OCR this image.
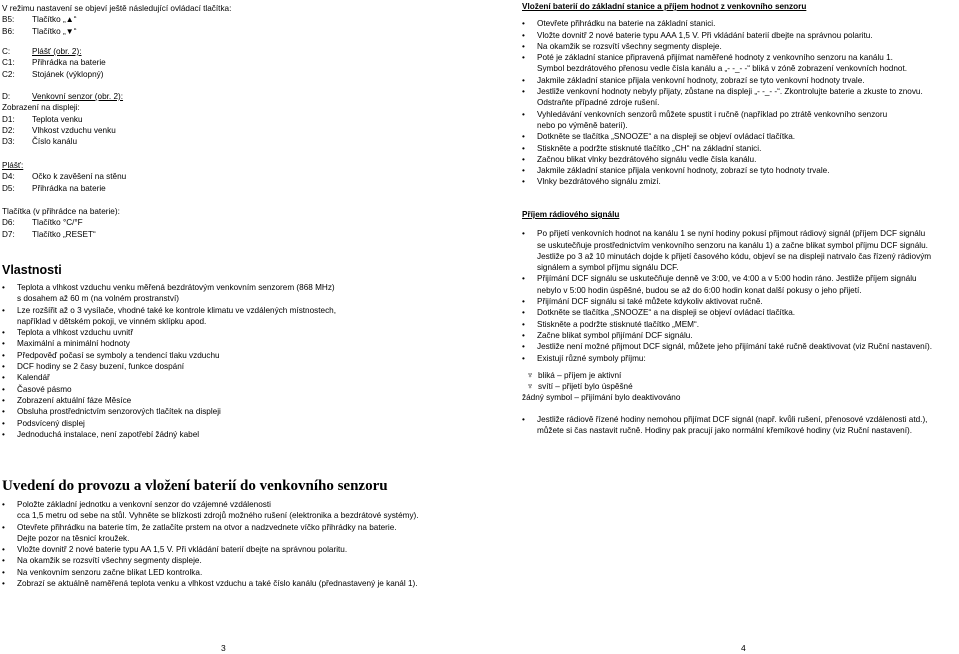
V režimu nastavení se objeví ještě následující ovládací tlačítka:
B5: Tlačítko „▲“
B6: Tlačítko „▼“
C:	Plášť (obr. 2):
C1: Přihrádka na baterie
C2: Stojánek (výklopný)
D:	Venkovní senzor (obr. 2):
Zobrazení na displeji:
D1: Teplota venku
D2: Vlhkost vzduchu venku
D3: Číslo kanálu
Plášť:
D4: Očko k zavěšení na stěnu
D5: Přihrádka na baterie
Tlačítka (v přihrádce na baterie):
D6: Tlačítko °C/°F
D7: Tlačítko „RESET“
Vlastnosti
• Teplota a vlhkost vzduchu venku měřená bezdrátovým venkovním senzorem (868 MHz)
s dosahem až 60 m (na volném prostranství)
• Lze rozšířit až o 3 vysílače, vhodné také ke kontrole klimatu ve vzdálených místnostech,
například v dětském pokoji, ve vinném sklípku apod.
• Teplota a vlhkost vzduchu uvnitř
• Maximální a minimální hodnoty
• Předpověď počasí se symboly a tendencí tlaku vzduchu
• DCF hodiny se 2 časy buzení, funkce dospání
• Kalendář
• Časové pásmo
• Zobrazení aktuální fáze Měsíce
• Obsluha prostřednictvím senzorových tlačítek na displeji
• Podsvícený displej
• Jednoduchá instalace, není zapotřebí žádný kabel
Uvedení do provozu a vložení baterií do venkovního senzoru
• Položte základní jednotku a venkovní senzor do vzájemné vzdálenosti
cca 1,5 metru od sebe na stůl. Vyhněte se blízkosti zdrojů možného rušení (elektronika a bezdrátové systémy).
• Otevřete přihrádku na baterie tím, že zatlačíte prstem na otvor a nadzvednete víčko přihrádky na baterie.
Dejte pozor na těsnicí kroužek.
• Vložte dovnitř 2 nové baterie typu AA 1,5 V. Při vkládání baterií dbejte na správnou polaritu.
• Na okamžik se rozsvítí všechny segmenty displeje.
• Na venkovním senzoru začne blikat LED kontrolka.
• Zobrazí se aktuálně naměřená teplota venku a vlhkost vzduchu a také číslo kanálu (přednastavený je kanál 1).
Vložení baterií do základní stanice a příjem hodnot z venkovního senzoru
• Otevřete přihrádku na baterie na základní stanici.
• Vložte dovnitř 2 nové baterie typu AAA 1,5 V. Při vkládání baterií dbejte na správnou polaritu.
• Na okamžik se rozsvítí všechny segmenty displeje.
• Poté je základní stanice připravená přijímat naměřené hodnoty z venkovního senzoru na kanálu 1.
Symbol bezdrátového přenosu vedle čísla kanálu a „- -_- -“ bliká v zóně zobrazení venkovních hodnot.
• Jakmile základní stanice přijala venkovní hodnoty, zobrazí se tyto venkovní hodnoty trvale.
• Jestliže venkovní hodnoty nebyly přijaty, zůstane na displeji „- -_- -“. Zkontrolujte baterie a zkuste to znovu.
Odstraňte případné zdroje rušení.
• Vyhledávání venkovních senzorů můžete spustit i ručně (například po ztrátě venkovního senzoru
nebo po výměně baterií).
• Dotkněte se tlačítka „SNOOZE“ a na displeji se objeví ovládací tlačítka.
• Stiskněte a podržte stisknuté tlačítko „CH“ na základní stanici.
• Začnou blikat vlnky bezdrátového signálu vedle čísla kanálu.
• Jakmile základní stanice přijala venkovní hodnoty, zobrazí se tyto hodnoty trvale.
• Vlnky bezdrátového signálu zmizí.
Příjem rádiového signálu
• Po přijetí venkovních hodnot na kanálu 1 se nyní hodiny pokusí přijmout rádiový signál (příjem DCF signálu
se uskutečňuje prostřednictvím venkovního senzoru na kanálu 1) a začne blikat symbol příjmu DCF signálu.
Jestliže po 3 až 10 minutách dojde k přijetí časového kódu, objeví se na displeji natrvalo čas řízený rádiovým
signálem a symbol příjmu signálu DCF.
• Přijímání DCF signálu se uskutečňuje denně ve 3:00, ve 4:00 a v 5:00 hodin ráno. Jestliže příjem signálu
nebylo v 5:00 hodin úspěšné, budou se až do 6:00 hodin konat další pokusy o jeho přijetí.
• Přijímání DCF signálu si také můžete kdykoliv aktivovat ručně.
• Dotkněte se tlačítka „SNOOZE“ a na displeji se objeví ovládací tlačítka.
• Stiskněte a podržte stisknuté tlačítko „MEM“.
• Začne blikat symbol přijímání DCF signálu.
• Jestliže není možné přijmout DCF signál, můžete jeho přijímání také ručně deaktivovat (viz Ruční nastavení).
• Existují různé symboly příjmu:
♆ bliká – příjem je aktivní
♆ svítí – přijetí bylo úspěšné
žádný symbol – přijímání bylo deaktivováno
• Jestliže rádiově řízené hodiny nemohou přijímat DCF signál (např. kvůli rušení, přenosové vzdálenosti atd.),
můžete si čas nastavit ručně. Hodiny pak pracují jako normální křemíkové hodiny (viz Ruční nastavení).
3	4
